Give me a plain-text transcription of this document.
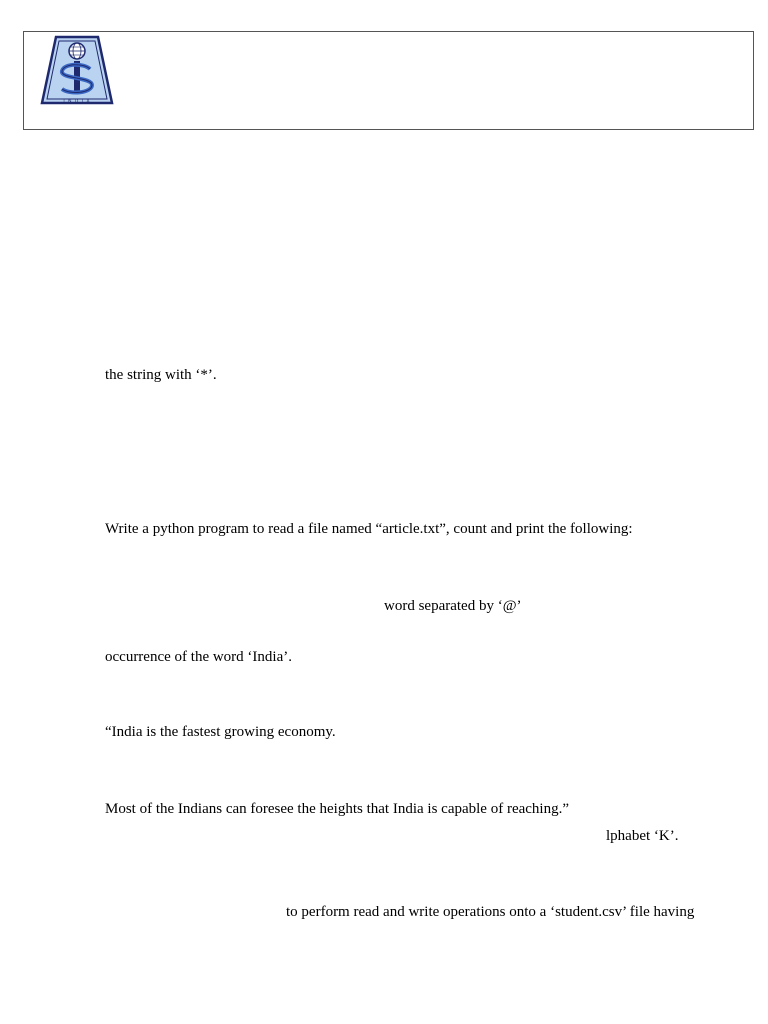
I N D I A
the string with ‘*’.
Write a python program to read a file named “article.txt”, count and print the following:
word separated by ‘@’
occurrence of the word ‘India’.
“India is the fastest growing economy.
Most of the Indians can foresee the heights that India is capable of reaching.”
lphabet ‘K’.
to perform read and write operations onto a ‘student.csv’ file having
